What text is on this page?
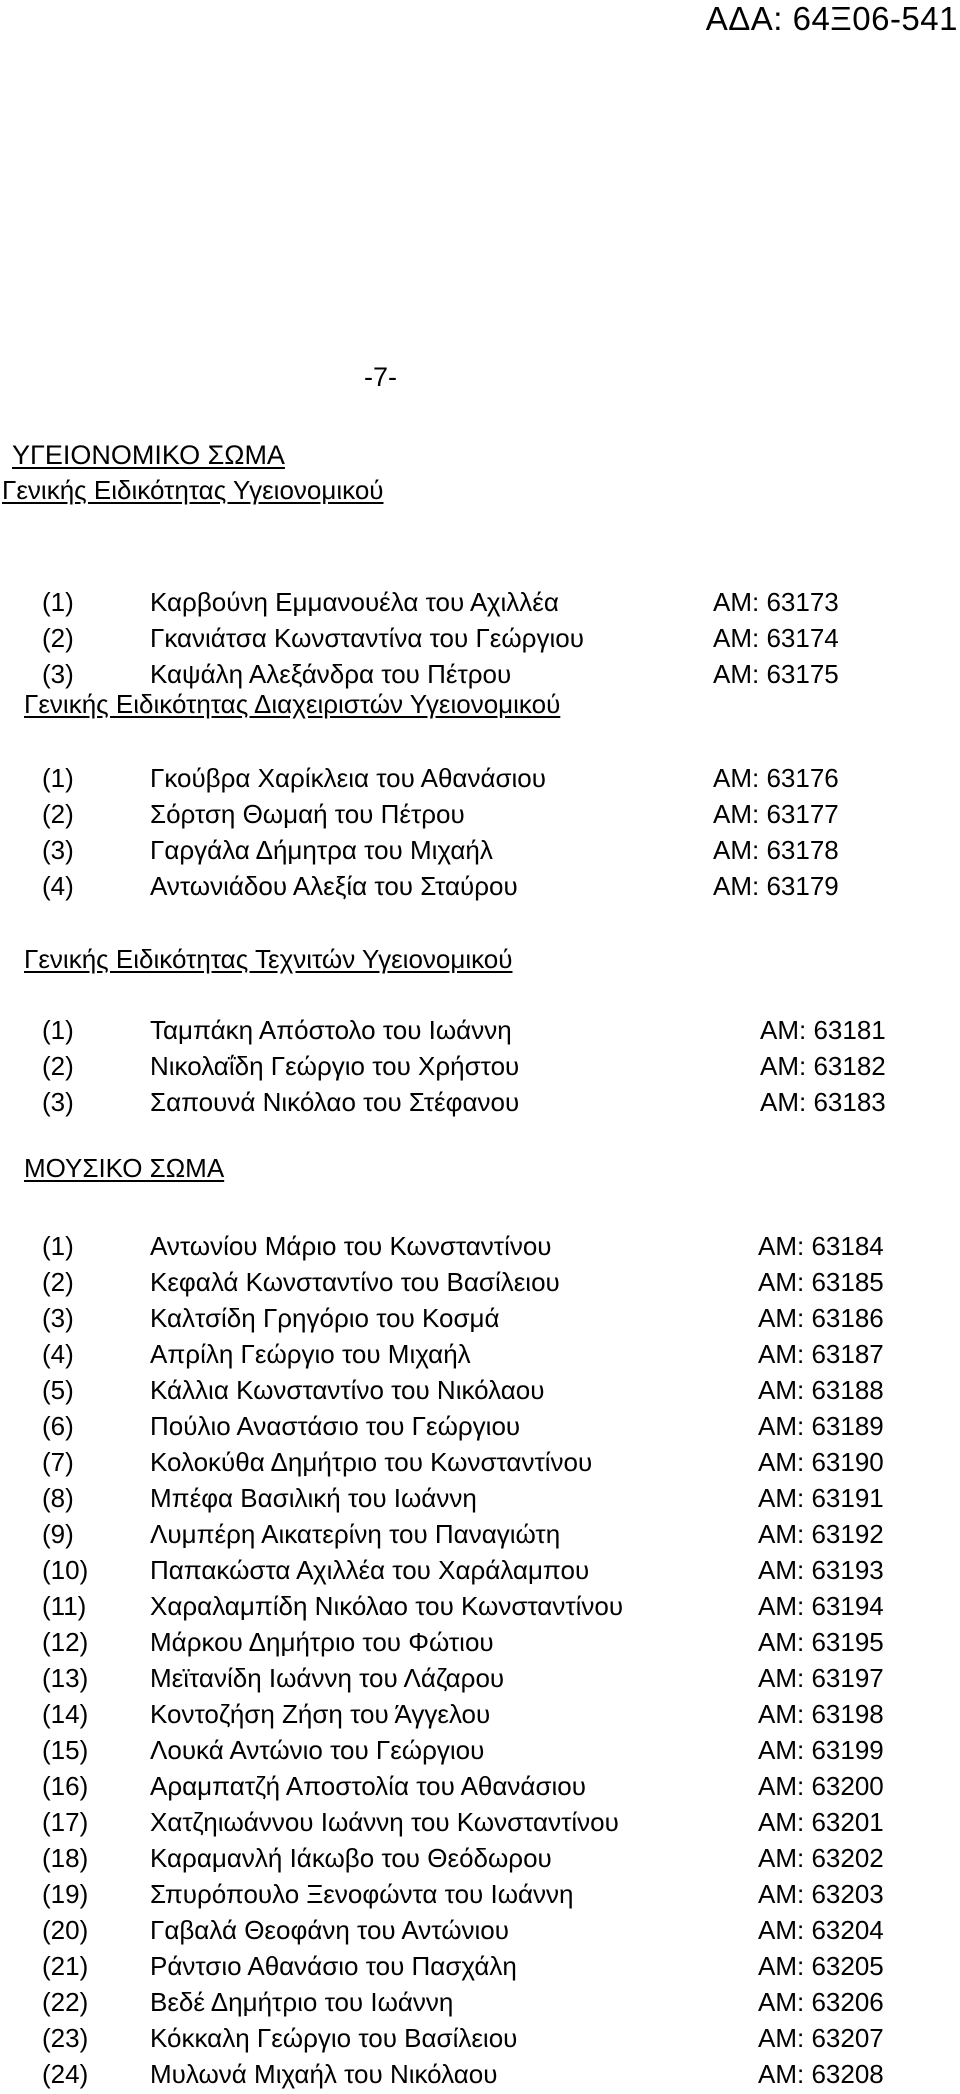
ΑΔΑ: 64Ξ06-541
-7-
ΥΓΕΙΟΝΟΜΙΚΟ ΣΩΜΑ
Γενικής Ειδικότητας Υγειονομικού
Γενικής Ειδικότητας Διαχειριστών Υγειονομικού
Γενικής Ειδικότητας Τεχνιτών Υγειονομικού
ΜΟΥΣΙΚΟ ΣΩΜΑ
(1)	Καρβούνη Εμμανουέλα του Αχιλλέα	ΑΜ: 63173
(2)	Γκανιάτσα Κωνσταντίνα του Γεώργιου	ΑΜ: 63174
(3)	Καψάλη Αλεξάνδρα του Πέτρου	ΑΜ: 63175
(1)	Γκούβρα Χαρίκλεια του Αθανάσιου	ΑΜ: 63176
(2)	Σόρτση Θωμαή του Πέτρου	ΑΜ: 63177
(3)	Γαργάλα Δήμητρα του Μιχαήλ	ΑΜ: 63178
(4)	Αντωνιάδου Αλεξία του Σταύρου	ΑΜ: 63179
(1)	Ταμπάκη Απόστολο του Ιωάννη	ΑΜ: 63181
(2)	Νικολαΐδη Γεώργιο του Χρήστου	ΑΜ: 63182
(3)	Σαπουνά Νικόλαο του Στέφανου	ΑΜ: 63183
(1)	Αντωνίου Μάριο του Κωνσταντίνου	ΑΜ: 63184
(2)	Κεφαλά Κωνσταντίνο του Βασίλειου	ΑΜ: 63185
(3)	Καλτσίδη Γρηγόριο του Κοσμά	ΑΜ: 63186
(4)	Απρίλη Γεώργιο του Μιχαήλ	ΑΜ: 63187
(5)	Κάλλια Κωνσταντίνο του Νικόλαου	ΑΜ: 63188
(6)	Πούλιο Αναστάσιο του Γεώργιου	ΑΜ: 63189
(7)	Κολοκύθα Δημήτριο του Κωνσταντίνου	ΑΜ: 63190
(8)	Μπέφα Βασιλική του Ιωάννη	ΑΜ: 63191
(9)	Λυμπέρη Αικατερίνη του Παναγιώτη	ΑΜ: 63192
(10) Παπακώστα Αχιλλέα του Χαράλαμπου	ΑΜ: 63193
(11) Χαραλαμπίδη Νικόλαο του Κωνσταντίνου	ΑΜ: 63194
(12) Μάρκου Δημήτριο του Φώτιου	ΑΜ: 63195
(13) Μεϊτανίδη Ιωάννη του Λάζαρου	ΑΜ: 63197
(14) Κοντοζήση Ζήση του Άγγελου	ΑΜ: 63198
(15) Λουκά Αντώνιο του Γεώργιου	ΑΜ: 63199
(16) Αραμπατζή Αποστολία του Αθανάσιου	ΑΜ: 63200
(17) Χατζηιωάννου Ιωάννη του Κωνσταντίνου	ΑΜ: 63201
(18) Καραμανλή Ιάκωβο του Θεόδωρου	ΑΜ: 63202
(19) Σπυρόπουλο Ξενοφώντα του Ιωάννη	ΑΜ: 63203
(20) Γαβαλά Θεοφάνη του Αντώνιου	ΑΜ: 63204
(21) Ράντσιο Αθανάσιο του Πασχάλη	ΑΜ: 63205
(22) Βεδέ Δημήτριο του Ιωάννη	ΑΜ: 63206
(23) Κόκκαλη Γεώργιο του Βασίλειου	ΑΜ: 63207
(24) Μυλωνά Μιχαήλ του Νικόλαου	ΑΜ: 63208
